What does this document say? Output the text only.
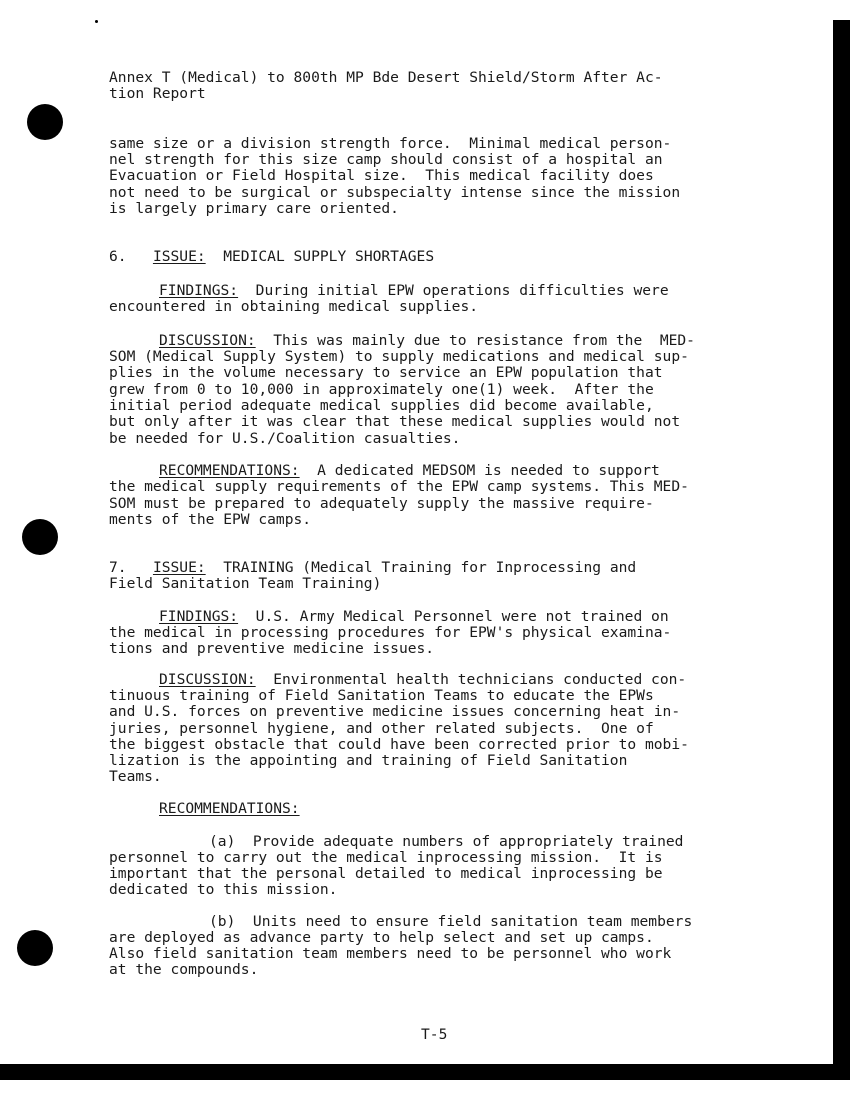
Annex T (Medical) to 800th MP Bde Desert Shield/Storm After Ac-
tion Report
same size or a division strength force.  Minimal medical person-
nel strength for this size camp should consist of a hospital an
Evacuation or Field Hospital size.  This medical facility does
not need to be surgical or subspecialty intense since the mission
is largely primary care oriented.
6. ISSUE: MEDICAL SUPPLY SHORTAGES
FINDINGS: During initial EPW operations difficulties were
encountered in obtaining medical supplies.
DISCUSSION: This was mainly due to resistance from the  MED-
SOM (Medical Supply System) to supply medications and medical sup-
plies in the volume necessary to service an EPW population that
grew from 0 to 10,000 in approximately one(1) week.  After the
initial period adequate medical supplies did become available,
but only after it was clear that these medical supplies would not
be needed for U.S./Coalition casualties.
RECOMMENDATIONS: A dedicated MEDSOM is needed to support
the medical supply requirements of the EPW camp systems. This MED-
SOM must be prepared to adequately supply the massive require-
ments of the EPW camps.
7. ISSUE: TRAINING (Medical Training for Inprocessing and
Field Sanitation Team Training)
FINDINGS: U.S. Army Medical Personnel were not trained on
the medical in processing procedures for EPW's physical examina-
tions and preventive medicine issues.
DISCUSSION: Environmental health technicians conducted con-
tinuous training of Field Sanitation Teams to educate the EPWs
and U.S. forces on preventive medicine issues concerning heat in-
juries, personnel hygiene, and other related subjects.  One of
the biggest obstacle that could have been corrected prior to mobi-
lization is the appointing and training of Field Sanitation
Teams.
RECOMMENDATIONS:
(a)  Provide adequate numbers of appropriately trained
personnel to carry out the medical inprocessing mission.  It is
important that the personal detailed to medical inprocessing be
dedicated to this mission.
(b)  Units need to ensure field sanitation team members
are deployed as advance party to help select and set up camps.
Also field sanitation team members need to be personnel who work
at the compounds.
T-5
